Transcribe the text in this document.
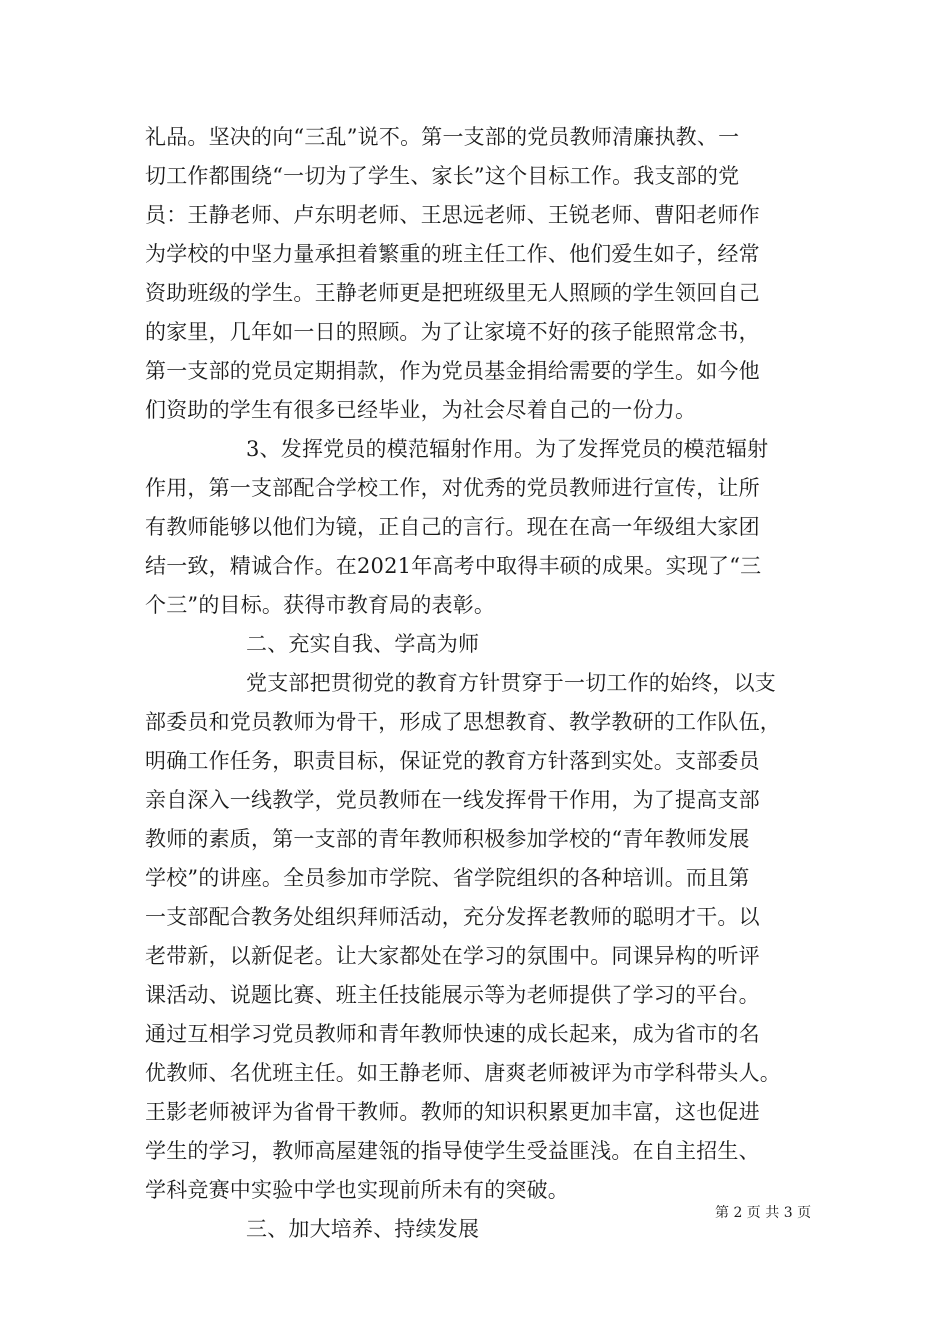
礼品。坚决的向“三乱”说不。第一支部的党员教师清廉执教、一
切工作都围绕“一切为了学生、家长”这个目标工作。我支部的党
员：王静老师、卢东明老师、王思远老师、王锐老师、曹阳老师作
为学校的中坚力量承担着繁重的班主任工作、他们爱生如子，经常
资助班级的学生。王静老师更是把班级里无人照顾的学生领回自己
的家里，几年如一日的照顾。为了让家境不好的孩子能照常念书，
第一支部的党员定期捐款，作为党员基金捐给需要的学生。如今他
们资助的学生有很多已经毕业，为社会尽着自己的一份力。
3、发挥党员的模范辐射作用。为了发挥党员的模范辐射
作用，第一支部配合学校工作，对优秀的党员教师进行宣传，让所
有教师能够以他们为镜，正自己的言行。现在在高一年级组大家团
结一致，精诚合作。在2021年高考中取得丰硕的成果。实现了“三
个三”的目标。获得市教育局的表彰。
二、充实自我、学高为师
党支部把贯彻党的教育方针贯穿于一切工作的始终，以支
部委员和党员教师为骨干，形成了思想教育、教学教研的工作队伍，
明确工作任务，职责目标，保证党的教育方针落到实处。支部委员
亲自深入一线教学，党员教师在一线发挥骨干作用，为了提高支部
教师的素质，第一支部的青年教师积极参加学校的“青年教师发展
学校”的讲座。全员参加市学院、省学院组织的各种培训。而且第
一支部配合教务处组织拜师活动，充分发挥老教师的聪明才干。以
老带新，以新促老。让大家都处在学习的氛围中。同课异构的听评
课活动、说题比赛、班主任技能展示等为老师提供了学习的平台。
通过互相学习党员教师和青年教师快速的成长起来，成为省市的名
优教师、名优班主任。如王静老师、唐爽老师被评为市学科带头人。
王影老师被评为省骨干教师。教师的知识积累更加丰富，这也促进
学生的学习，教师高屋建瓴的指导使学生受益匪浅。在自主招生、
学科竞赛中实验中学也实现前所未有的突破。
三、加大培养、持续发展
第 2 页 共 3 页
